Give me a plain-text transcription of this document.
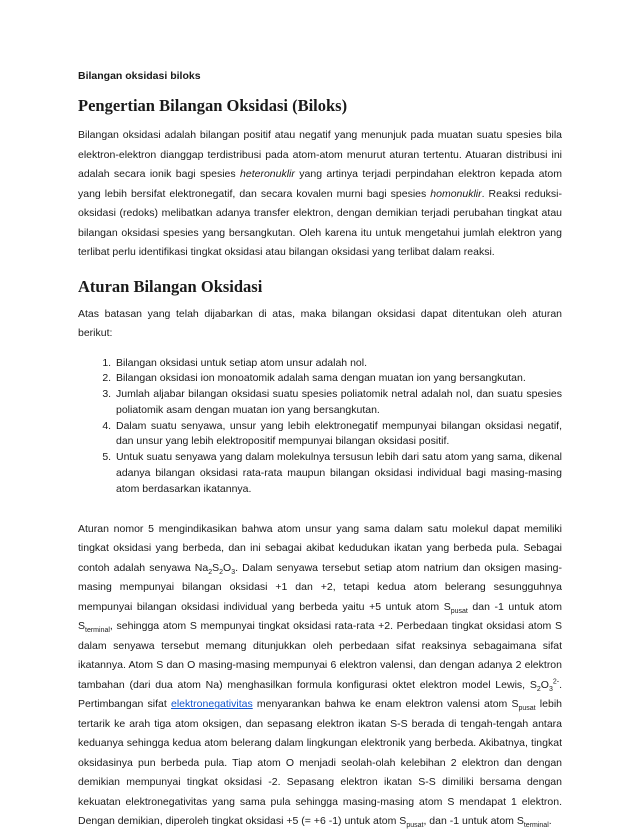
Bilangan oksidasi biloks
Pengertian Bilangan Oksidasi (Biloks)

Bilangan oksidasi adalah bilangan positif atau negatif yang menunjuk pada muatan suatu spesies bila elektron-elektron dianggap terdistribusi pada atom-atom menurut aturan tertentu. Atuaran distribusi ini adalah secara ionik bagi spesies heteronuklir yang artinya terjadi perpindahan elektron kepada atom yang lebih bersifat elektronegatif, dan secara kovalen murni bagi spesies homonuklir. Reaksi reduksi-oksidasi (redoks) melibatkan adanya transfer elektron, dengan demikian terjadi perubahan tingkat atau bilangan oksidasi spesies yang bersangkutan. Oleh karena itu untuk mengetahui jumlah elektron yang terlibat perlu identifikasi tingkat oksidasi atau bilangan oksidasi yang terlibat dalam reaksi.

Aturan Bilangan Oksidasi

Atas batasan yang telah dijabarkan di atas, maka bilangan oksidasi dapat ditentukan oleh aturan berikut:

1. Bilangan oksidasi untuk setiap atom unsur adalah nol.
2. Bilangan oksidasi ion monoatomik adalah sama dengan muatan ion yang bersangkutan.
3. Jumlah aljabar bilangan oksidasi suatu spesies poliatomik netral adalah nol, dan suatu spesies poliatomik asam dengan muatan ion yang bersangkutan.
4. Dalam suatu senyawa, unsur yang lebih elektronegatif mempunyai bilangan oksidasi negatif, dan unsur yang lebih elektropositif mempunyai bilangan oksidasi positif.
5. Untuk suatu senyawa yang dalam molekulnya tersusun lebih dari satu atom yang sama, dikenal adanya bilangan oksidasi rata-rata maupun bilangan oksidasi individual bagi masing-masing atom berdasarkan ikatannya.

Aturan nomor 5 mengindikasikan bahwa atom unsur yang sama dalam satu molekul dapat memiliki tingkat oksidasi yang berbeda, dan ini sebagai akibat kedudukan ikatan yang berbeda pula. Sebagai contoh adalah senyawa $Na_2S_2O_3$. Dalam senyawa tersebut setiap atom natrium dan oksigen masing-masing mempunyai bilangan oksidasi +1 dan +2, tetapi kedua atom belerang sesungguhnya mempunyai bilangan oksidasi individual yang berbeda yaitu +5 untuk atom $S_{pusat}$ dan -1 untuk atom $S_{terminal}$, sehingga atom S mempunyai tingkat oksidasi rata-rata +2. Perbedaan tingkat oksidasi atom S dalam senyawa tersebut memang ditunjukkan oleh perbedaan sifat reaksinya sebagaimana sifat ikatannya. Atom S dan O masing-masing mempunyai 6 elektron valensi, dan dengan adanya 2 elektron tambahan (dari dua atom Na) menghasilkan formula konfigurasi oktet elektron model Lewis, $S_2O_3^{2-}$. Pertimbangan sifat elektronegativitas menyarankan bahwa ke enam elektron valensi atom $S_{pusat}$ lebih tertarik ke arah tiga atom oksigen, dan sepasang elektron ikatan S-S berada di tengah-tengah antara keduanya sehingga kedua atom belerang dalam lingkungan elektronik yang berbeda. Akibatnya, tingkat oksidasinya pun berbeda pula. Tiap atom O menjadi seolah-olah kelebihan 2 elektron dan dengan demikian mempunyai tingkat oksidasi -2. Sepasang elektron ikatan S-S dimiliki bersama dengan kekuatan elektronegativitas yang sama pula sehingga masing-masing atom S mendapat 1 elektron. Dengan demikian, diperoleh tingkat oksidasi +5 (= +6 -1) untuk atom $S_{pusat}$, dan -1 untuk atom $S_{terminal}$.
